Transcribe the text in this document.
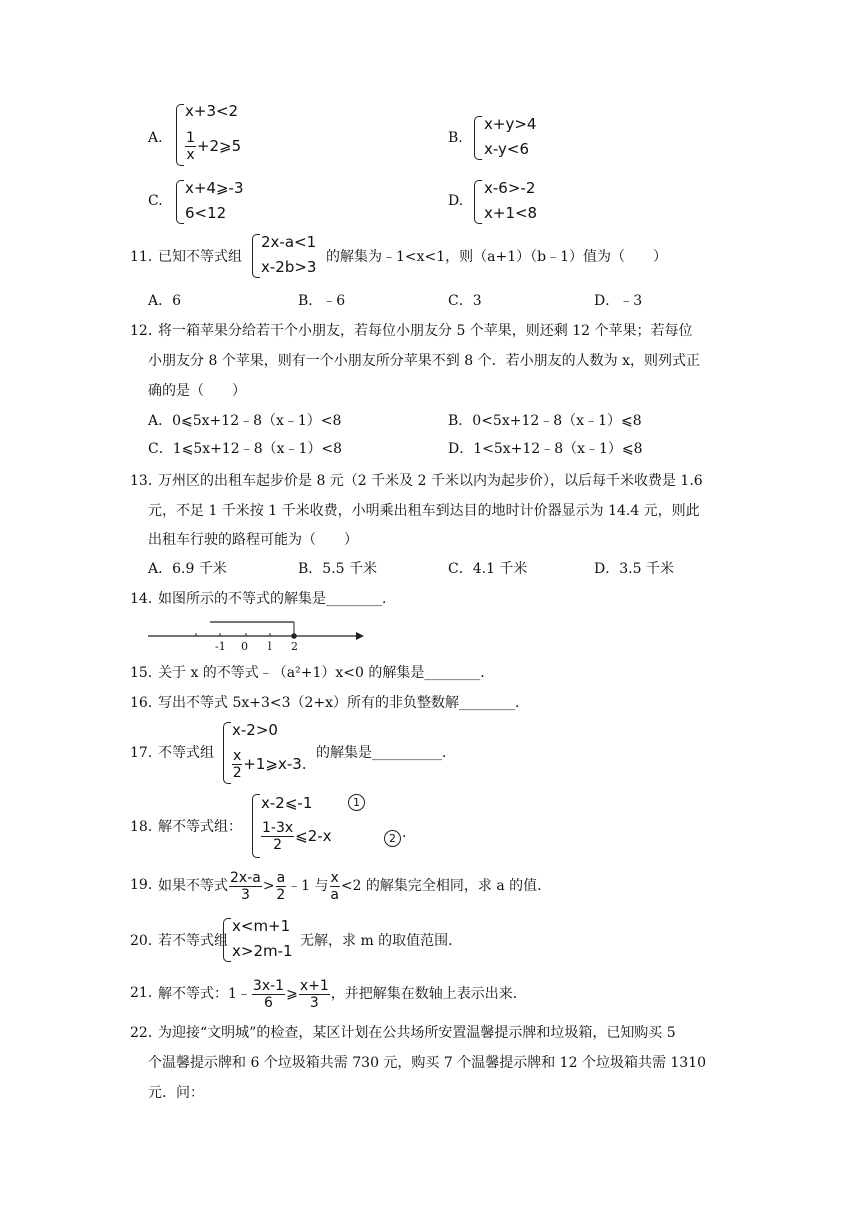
A.
x+3<2
$\frac{1}{x}$ +2⩾5	B.
x+y>4
x-y<6
C.
x+4⩾-3
6<12
D.
x-6>-2
x+1<8
11．
已知不等式组
2x-a<1
x-2b>3
的解集为﹣1<x<1，则（a+1）（b﹣1）值为（　　）
A．6	B．﹣6	C．3	D．﹣3
12．
将一箱苹果分给若干个小朋友，若每位小朋友分 5 个苹果，则还剩 12 个苹果；若每位
小朋友分 8 个苹果，则有一个小朋友所分苹果不到 8 个．若小朋友的人数为 x，则列式正
确的是（　　）
A．0⩽5x+12﹣8（x﹣1）<8	B．0<5x+12﹣8（x﹣1）⩽8
C．1⩽5x+12﹣8（x﹣1）<8	D．1<5x+12﹣8（x﹣1）⩽8
13．
万州区的出租车起步价是 8 元（2 千米及 2 千米以内为起步价），以后每千米收费是 1.6
元，不足 1 千米按 1 千米收费，小明乘出租车到达目的地时计价器显示为 14.4 元，则此
出租车行驶的路程可能为（　　）
A．6.9 千米	B．5.5 千米	C．4.1 千米	D．3.5 千米
14．
如图所示的不等式的解集是________．
-1 0 l 2
15．
关于 x 的不等式﹣（a²+1）x<0 的解集是________．
16．
写出不等式 5x+3<3（2+x）所有的非负整数解________．
17．
不等式组
x-2>0
$\frac{x}{2}$ +1⩾x-3.
的解集是__________．
18．
解不等式组：
x-2⩽-1	1
$\frac{1-3x}{2}$ ⩽2-x	2 .
19．
如果不等式 $\frac{2x-a}{3} > \frac{a}{2}$ ﹣1 与 $\frac{x}{a} <2$ 的解集完全相同，求 a 的值．
20．
若不等式组
x<m+1
x>2m-1
无解，求 m 的取值范围．
21．
解不等式：1﹣ $\frac{3x-1}{6}$ ⩾ $\frac{x+1}{3}$ ，并把解集在数轴上表示出来．
22．
为迎接“文明城”的检查，某区计划在公共场所安置温馨提示牌和垃圾箱，已知购买 5
个温馨提示牌和 6 个垃圾箱共需 730 元，购买 7 个温馨提示牌和 12 个垃圾箱共需 1310
元．问：
